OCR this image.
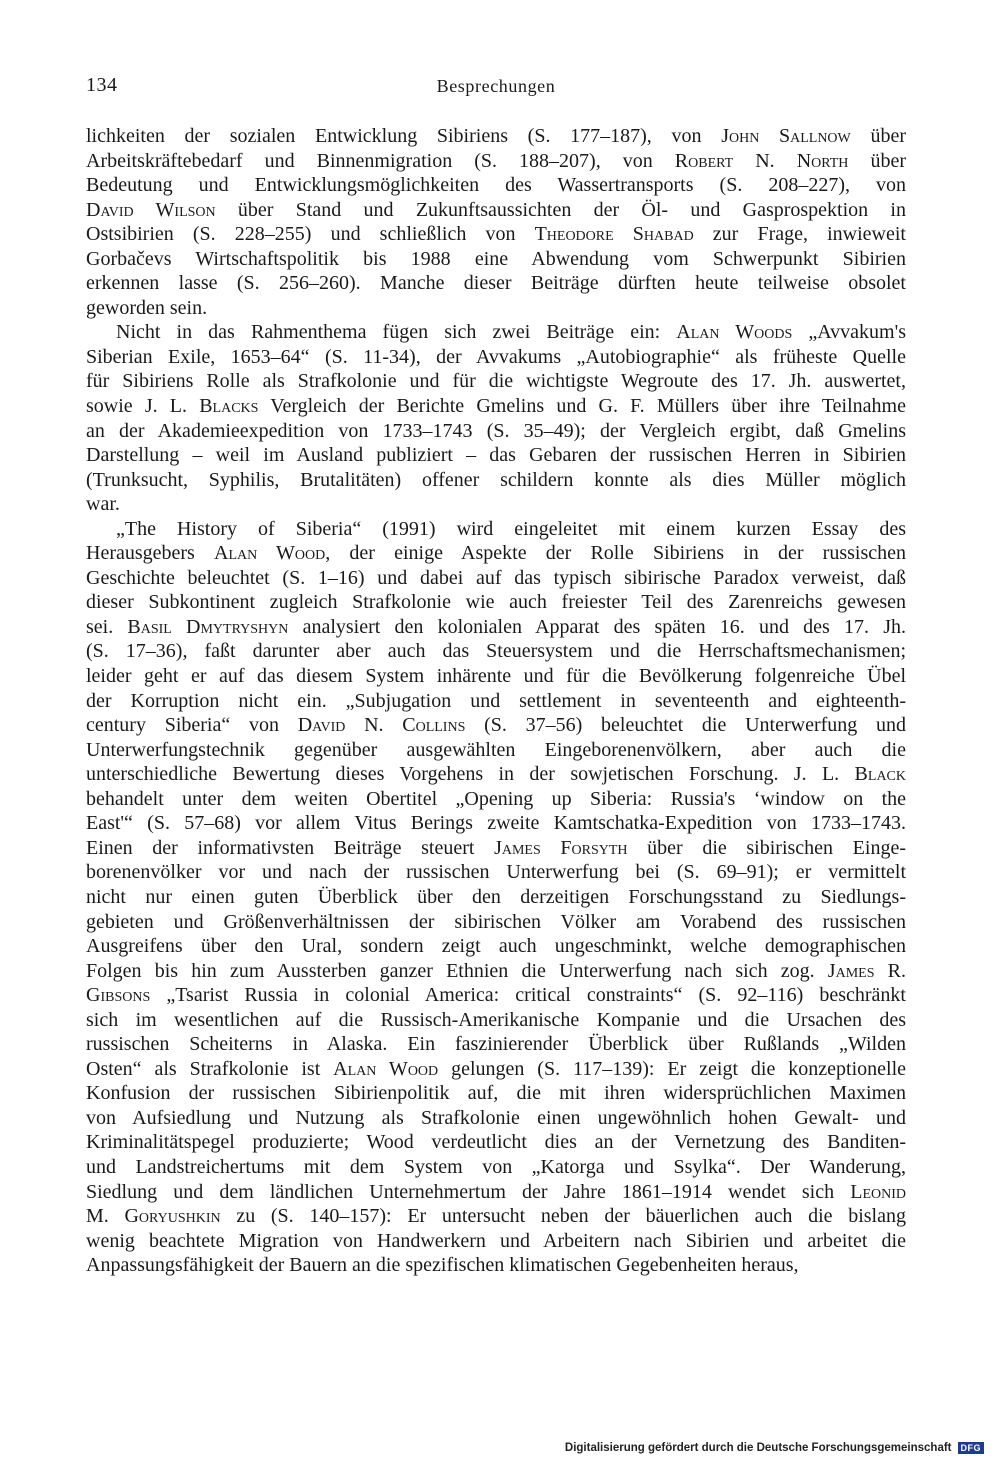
134	Besprechungen
lichkeiten der sozialen Entwicklung Sibiriens (S. 177–187), von John Sallnow über
Arbeitskräftebedarf und Binnenmigration (S. 188–207), von Robert N. North über
Bedeutung und Entwicklungsmöglichkeiten des Wassertransports (S. 208–227), von
David Wilson über Stand und Zukunftsaussichten der Öl- und Gasprospektion in
Ostsibirien (S. 228–255) und schließlich von Theodore Shabad zur Frage, inwieweit
Gorbačevs Wirtschaftspolitik bis 1988 eine Abwendung vom Schwerpunkt Sibirien
erkennen lasse (S. 256–260). Manche dieser Beiträge dürften heute teilweise obsolet
geworden sein.
Nicht in das Rahmenthema fügen sich zwei Beiträge ein: Alan Woods „Avvakum's
Siberian Exile, 1653–64“ (S. 11-34), der Avvakums „Autobiographie“ als früheste Quelle
für Sibiriens Rolle als Strafkolonie und für die wichtigste Wegroute des 17. Jh. auswertet,
sowie J. L. Blacks Vergleich der Berichte Gmelins und G. F. Müllers über ihre Teilnahme
an der Akademieexpedition von 1733–1743 (S. 35–49); der Vergleich ergibt, daß Gmelins
Darstellung – weil im Ausland publiziert – das Gebaren der russischen Herren in Sibirien
(Trunksucht, Syphilis, Brutalitäten) offener schildern konnte als dies Müller möglich
war.
„The History of Siberia“ (1991) wird eingeleitet mit einem kurzen Essay des
Herausgebers Alan Wood, der einige Aspekte der Rolle Sibiriens in der russischen
Geschichte beleuchtet (S. 1–16) und dabei auf das typisch sibirische Paradox verweist, daß
dieser Subkontinent zugleich Strafkolonie wie auch freiester Teil des Zarenreichs gewesen
sei. Basil Dmytryshyn analysiert den kolonialen Apparat des späten 16. und des 17. Jh.
(S. 17–36), faßt darunter aber auch das Steuersystem und die Herrschaftsmechanismen;
leider geht er auf das diesem System inhärente und für die Bevölkerung folgenreiche Übel
der Korruption nicht ein. „Subjugation und settlement in seventeenth and eighteenth-
century Siberia“ von David N. Collins (S. 37–56) beleuchtet die Unterwerfung und
Unterwerfungstechnik gegenüber ausgewählten Eingeborenenvölkern, aber auch die
unterschiedliche Bewertung dieses Vorgehens in der sowjetischen Forschung. J. L. Black
behandelt unter dem weiten Obertitel „Opening up Siberia: Russia's ‘window on the
East'“ (S. 57–68) vor allem Vitus Berings zweite Kamtschatka-Expedition von 1733–1743.
Einen der informativsten Beiträge steuert James Forsyth über die sibirischen Einge-
borenenvölker vor und nach der russischen Unterwerfung bei (S. 69–91); er vermittelt
nicht nur einen guten Überblick über den derzeitigen Forschungsstand zu Siedlungs-
gebieten und Größenverhältnissen der sibirischen Völker am Vorabend des russischen
Ausgreifens über den Ural, sondern zeigt auch ungeschminkt, welche demographischen
Folgen bis hin zum Aussterben ganzer Ethnien die Unterwerfung nach sich zog. James R.
Gibsons „Tsarist Russia in colonial America: critical constraints“ (S. 92–116) beschränkt
sich im wesentlichen auf die Russisch-Amerikanische Kompanie und die Ursachen des
russischen Scheiterns in Alaska. Ein faszinierender Überblick über Rußlands „Wilden
Osten“ als Strafkolonie ist Alan Wood gelungen (S. 117–139): Er zeigt die konzeptionelle
Konfusion der russischen Sibirienpolitik auf, die mit ihren widersprüchlichen Maximen
von Aufsiedlung und Nutzung als Strafkolonie einen ungewöhnlich hohen Gewalt- und
Kriminalitätspegel produzierte; Wood verdeutlicht dies an der Vernetzung des Banditen-
und Landstreichertums mit dem System von „Katorga und Ssylka“. Der Wanderung,
Siedlung und dem ländlichen Unternehmertum der Jahre 1861–1914 wendet sich Leonid
M. Goryushkin zu (S. 140–157): Er untersucht neben der bäuerlichen auch die bislang
wenig beachtete Migration von Handwerkern und Arbeitern nach Sibirien und arbeitet die
Anpassungsfähigkeit der Bauern an die spezifischen klimatischen Gegebenheiten heraus,
Digitalisierung gefördert durch die Deutsche Forschungsgemeinschaft	DFG
